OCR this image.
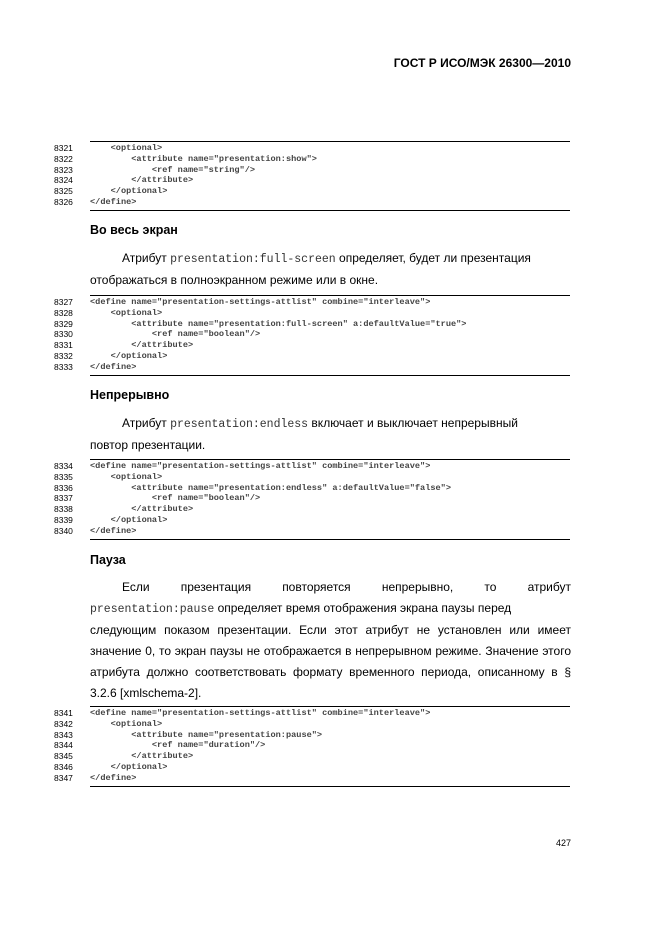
ГОСТ Р ИСО/МЭК 26300—2010
8321	<optional>
8322	<attribute name="presentation:show">
8323	<ref name="string"/>
8324	</attribute>
8325	</optional>
8326	</define>
Во весь экран
Атрибут presentation:full-screen определяет, будет ли презентация
отображаться в полноэкранном режиме или в окне.
8327	<define name="presentation-settings-attlist" combine="interleave">
8328	<optional>
8329	<attribute name="presentation:full-screen" a:defaultValue="true">
8330	<ref name="boolean"/>
8331	</attribute>
8332	</optional>
8333	</define>
Непрерывно
Атрибут presentation:endless включает и выключает непрерывный
повтор презентации.
8334	<define name="presentation-settings-attlist" combine="interleave">
8335	<optional>
8336	<attribute name="presentation:endless" a:defaultValue="false">
8337	<ref name="boolean"/>
8338	</attribute>
8339	</optional>
8340	</define>
Пауза
Если	презентация	повторяется	непрерывно,	то	атрибут
presentation:pause определяет время отображения экрана паузы перед
следующим показом презентации. Если этот атрибут не установлен или имеет значение 0, то экран паузы не отображается в непрерывном режиме. Значение этого атрибута должно соответствовать формату временного периода, описанному в § 3.2.6 [xmlschema-2].
8341	<define name="presentation-settings-attlist" combine="interleave">
8342	<optional>
8343	<attribute name="presentation:pause">
8344	<ref name="duration"/>
8345	</attribute>
8346	</optional>
8347	</define>
427
